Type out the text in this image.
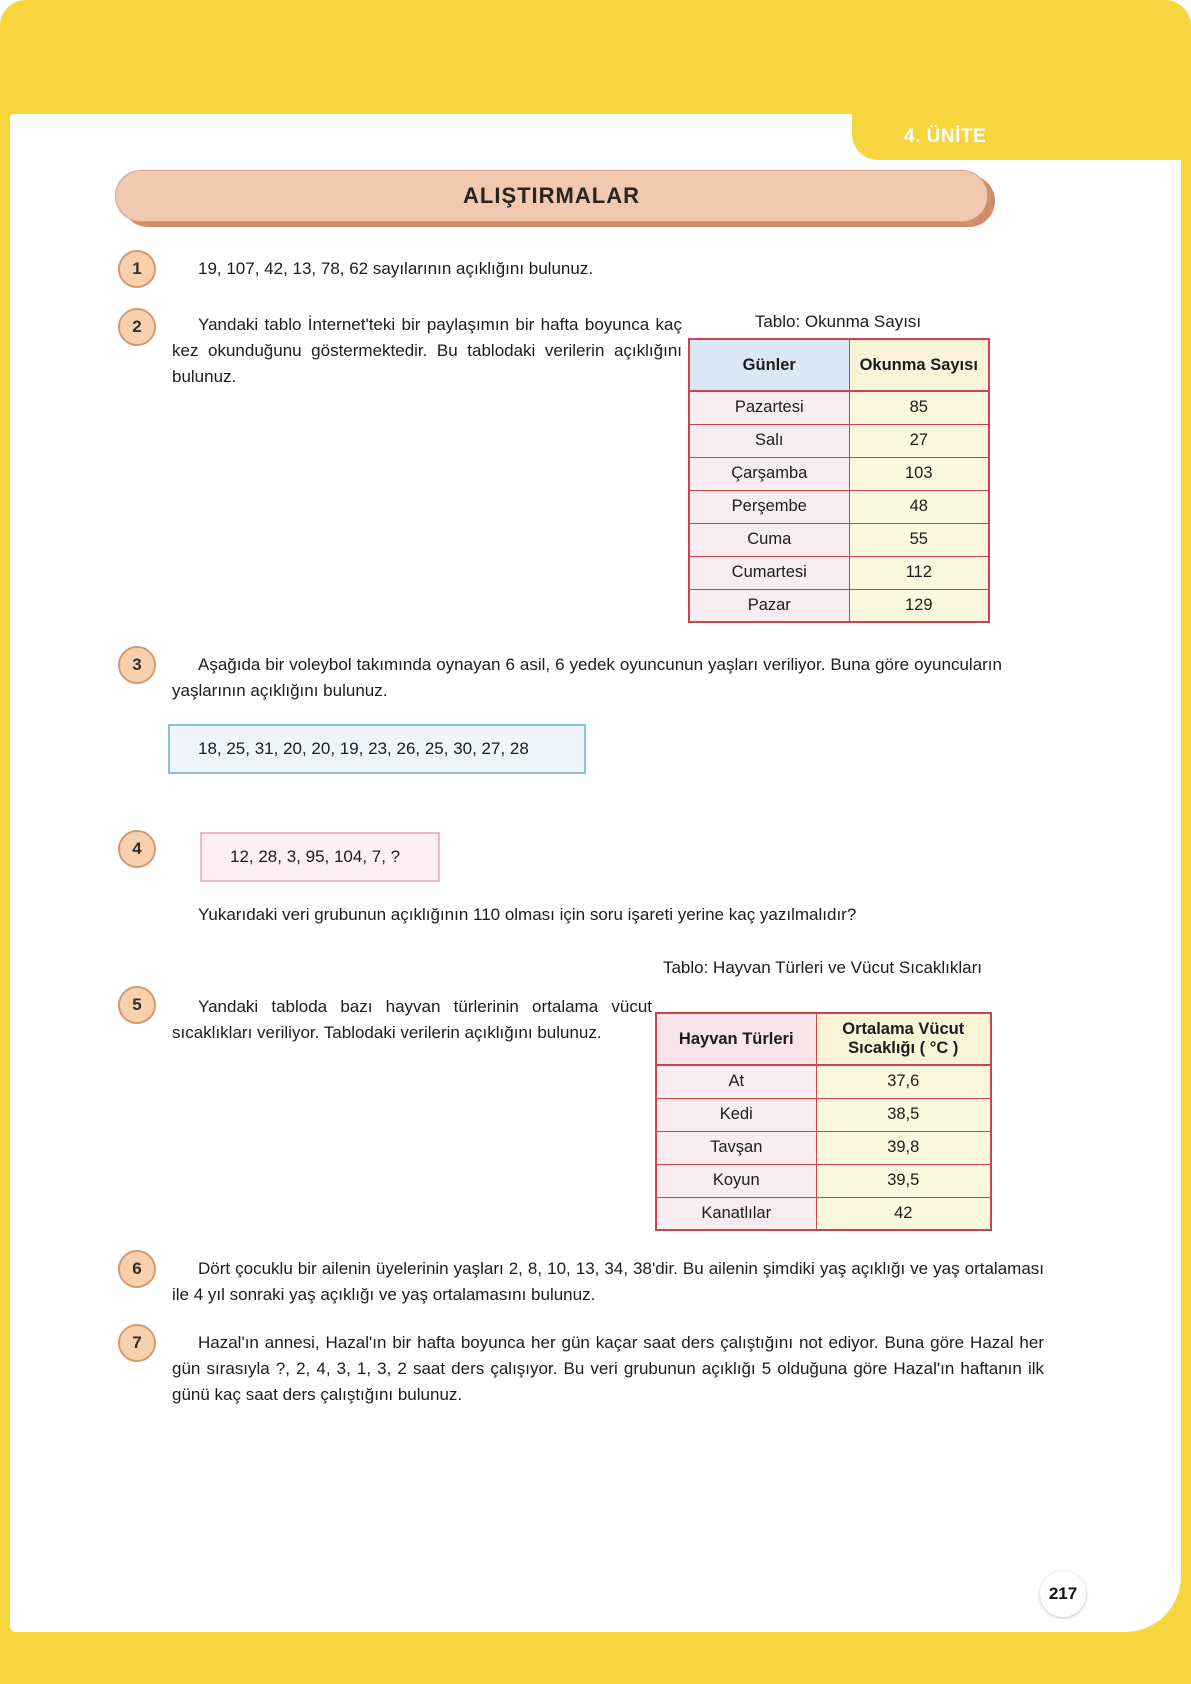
4. ÜNİTE
ALIŞTIRMALAR
1	19, 107, 42, 13, 78, 62 sayılarının açıklığını bulunuz.
2	Yandaki tablo İnternet'teki bir paylaşımın bir hafta boyunca kaç kez okunduğunu göstermektedir. Bu tablodaki verilerin açıklığını bulunuz.
Tablo: Okunma Sayısı
Günler	Okunma Sayısı
Pazartesi	85
Salı	27
Çarşamba	103
Perşembe	48
Cuma	55
Cumartesi	112
Pazar	129
3	Aşağıda bir voleybol takımında oynayan 6 asil, 6 yedek oyuncunun yaşları veriliyor. Buna göre oyuncuların yaşlarının açıklığını bulunuz.
18, 25, 31, 20, 20, 19, 23, 26, 25, 30, 27, 28
4	12, 28, 3, 95, 104, 7, ?
Yukarıdaki veri grubunun açıklığının 110 olması için soru işareti yerine kaç yazılmalıdır?
5	Yandaki tabloda bazı hayvan türlerinin ortalama vücut sıcaklıkları veriliyor. Tablodaki verilerin açıklığını bulunuz.
Tablo: Hayvan Türleri ve Vücut Sıcaklıkları
Hayvan Türleri	Ortalama Vücut Sıcaklığı ( °C )
At	37,6
Kedi	38,5
Tavşan	39,8
Koyun	39,5
Kanatlılar	42
6	Dört çocuklu bir ailenin üyelerinin yaşları 2, 8, 10, 13, 34, 38'dir. Bu ailenin şimdiki yaş açıklığı ve yaş ortalaması ile 4 yıl sonraki yaş açıklığı ve yaş ortalamasını bulunuz.
7	Hazal'ın annesi, Hazal'ın bir hafta boyunca her gün kaçar saat ders çalıştığını not ediyor. Buna göre Hazal her gün sırasıyla ?, 2, 4, 3, 1, 3, 2 saat ders çalışıyor. Bu veri grubunun açıklığı 5 olduğuna göre Hazal'ın haftanın ilk günü kaç saat ders çalıştığını bulunuz.
217
